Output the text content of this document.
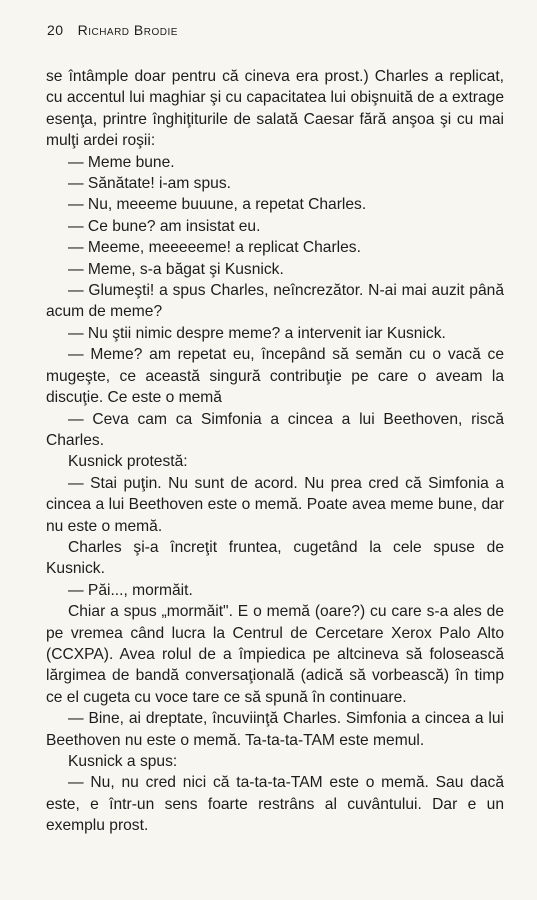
20 Richard Brodie

se întâmple doar pentru că cineva era prost.) Charles a replicat, cu accentul lui maghiar şi cu capacitatea lui obişnuită de a extrage esenţa, printre înghiţiturile de salată Caesar fără anşoa şi cu mai mulţi ardei roşii:

— Meme bune.

— Sănătate! i-am spus.

— Nu, meeeme buuune, a repetat Charles.

— Ce bune? am insistat eu.

— Meeme, meeeeeme! a replicat Charles.

— Meme, s-a băgat şi Kusnick.

— Glumeşti! a spus Charles, neîncrezător. N-ai mai auzit până acum de meme?

— Nu ştii nimic despre meme? a intervenit iar Kusnick.

— Meme? am repetat eu, începând să semăn cu o vacă ce mugeşte, ce această singură contribuţie pe care o aveam la discuţie. Ce este o memă

— Ceva cam ca Simfonia a cincea a lui Beethoven, riscă Charles.

Kusnick protestă:

— Stai puţin. Nu sunt de acord. Nu prea cred că Simfonia a cincea a lui Beethoven este o memă. Poate avea meme bune, dar nu este o memă.

Charles şi-a încreţit fruntea, cugetând la cele spuse de Kusnick.

— Păi..., mormăit.

Chiar a spus „mormăit". E o memă (oare?) cu care s-a ales de pe vremea când lucra la Centrul de Cercetare Xerox Palo Alto (CCXPA). Avea rolul de a împiedica pe altcineva să folosească lărgimea de bandă conversaţională (adică să vorbească) în timp ce el cugeta cu voce tare ce să spună în continuare.

— Bine, ai dreptate, încuviinţă Charles. Simfonia a cincea a lui Beethoven nu este o memă. Ta-ta-ta-TAM este memul.

Kusnick a spus:

— Nu, nu cred nici că ta-ta-ta-TAM este o memă. Sau dacă este, e într-un sens foarte restrâns al cuvântului. Dar e un exemplu prost.
